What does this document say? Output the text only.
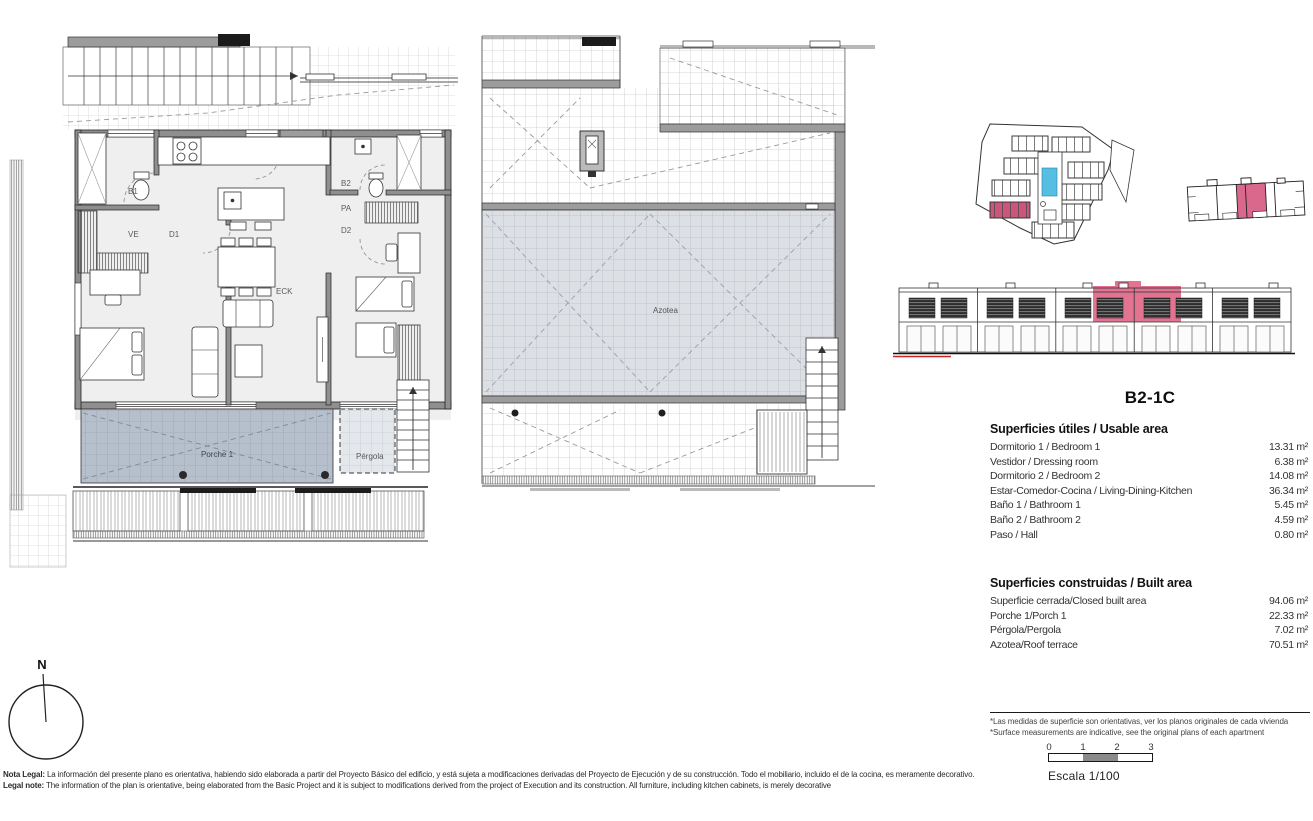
B1
VE	D1
ECK
B2
PA
D2
Porche 1	Pérgola
Azotea
B2-1C
Superficies útiles / Usable area
Dormitorio 1 / Bedroom 1	13.31 m²
Vestidor / Dressing room	6.38 m²
Dormitorio 2 / Bedroom 2	14.08 m²
Estar-Comedor-Cocina / Living-Dining-Kitchen	36.34 m²
Baño 1 / Bathroom 1	5.45 m²
Baño 2 / Bathroom 2	4.59 m²
Paso / Hall	0.80 m²
Superficies construidas / Built area
Superficie cerrada/Closed built area	94.06 m²
Porche 1/Porch 1	22.33 m²
Pérgola/Pergola	7.02 m²
Azotea/Roof terrace	70.51 m²
*Las medidas de superficie son orientativas, ver los planos originales de cada vivienda
*Surface measurements are indicative, see the original plans of each apartment
0	1	2	3
Escala 1/100
N
Nota Legal: La información del presente plano es orientativa, habiendo sido elaborada a partir del Proyecto Básico del edificio, y está sujeta a modificaciones derivadas del Proyecto de Ejecución y de su construcción. Todo el mobiliario, incluido el de la cocina, es meramente decorativo.
Legal note: The information of the plan is orientative, being elaborated from the Basic Project and it is subject to modifications derived from the project of Execution and its construction. All furniture, including kitchen cabinets, is merely decorative
